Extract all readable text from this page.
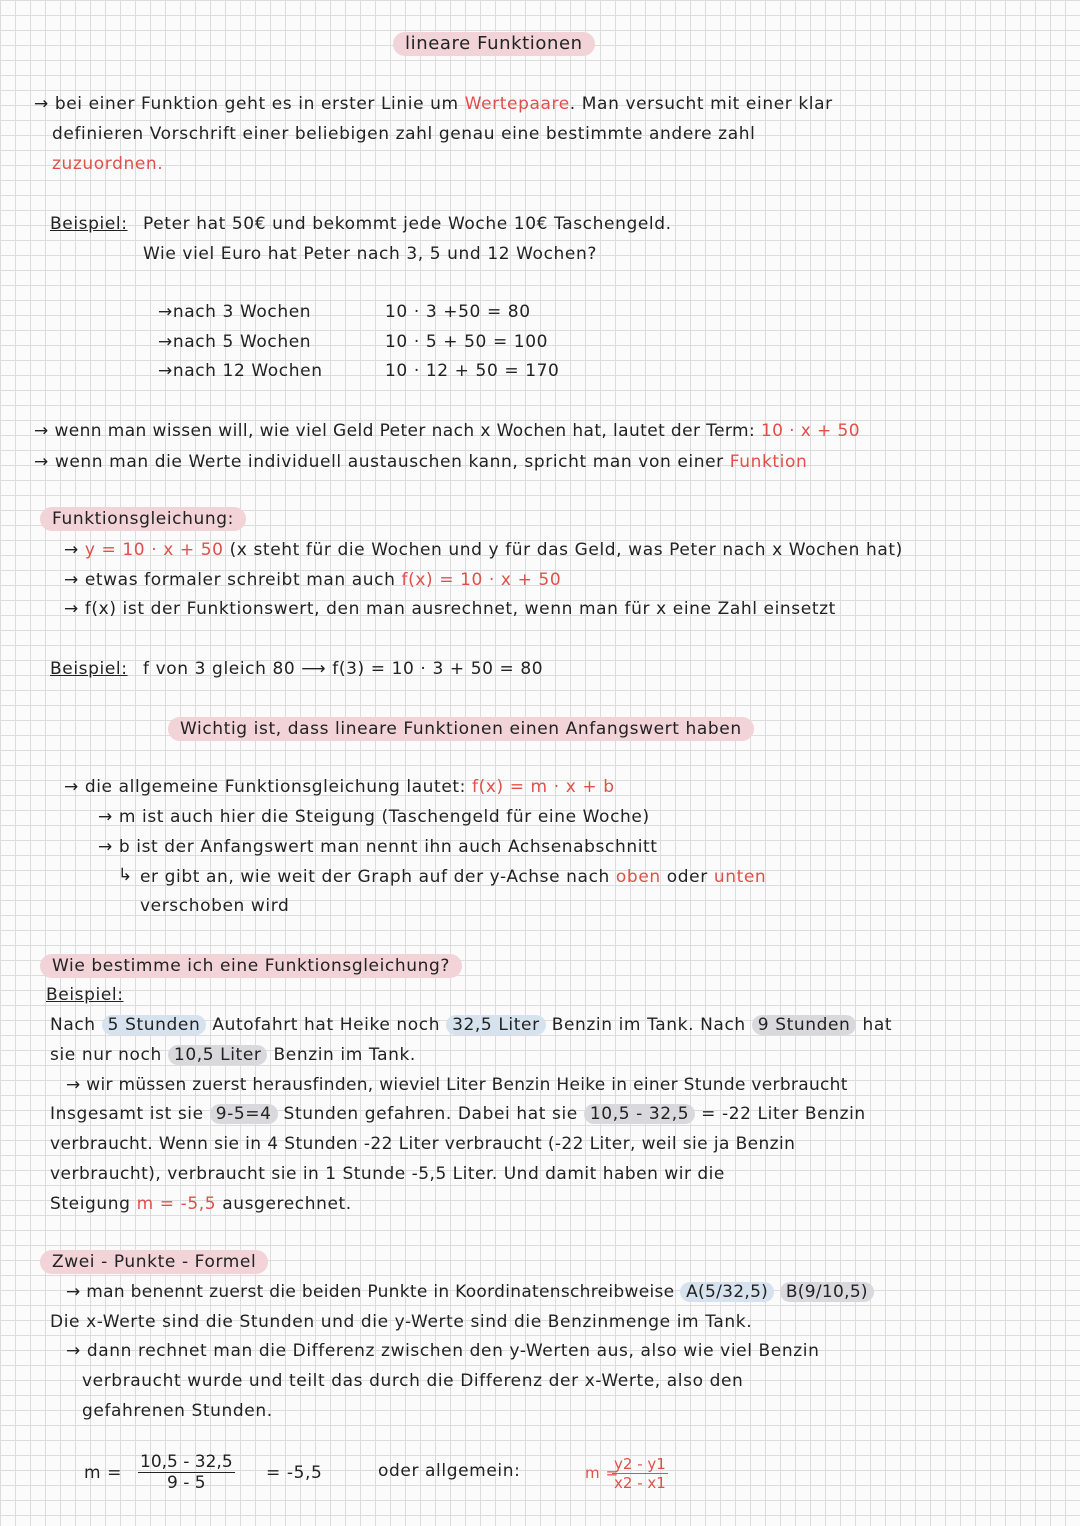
lineare Funktionen
→ bei einer Funktion geht es in erster Linie um Wertepaare. Man versucht mit einer klar
definieren Vorschrift einer beliebigen zahl genau eine bestimmte andere zahl
zuzuordnen.
Beispiel: Peter hat 50€ und bekommt jede Woche 10€ Taschengeld.
Wie viel Euro hat Peter nach 3, 5 und 12 Wochen?
→nach 3 Wochen	10 · 3 +50 = 80
→nach 5 Wochen	10 · 5 + 50 = 100
→nach 12 Wochen	10 · 12 + 50 = 170
→ wenn man wissen will, wie viel Geld Peter nach x Wochen hat, lautet der Term: 10 · x + 50
→ wenn man die Werte individuell austauschen kann, spricht man von einer Funktion
Funktionsgleichung:
→ y = 10 · x + 50 (x steht für die Wochen und y für das Geld, was Peter nach x Wochen hat)
→ etwas formaler schreibt man auch f(x) = 10 · x + 50
→ f(x) ist der Funktionswert, den man ausrechnet, wenn man für x eine Zahl einsetzt
Beispiel: f von 3 gleich 80 ⟶ f(3) = 10 · 3 + 50 = 80
Wichtig ist, dass lineare Funktionen einen Anfangswert haben
→ die allgemeine Funktionsgleichung lautet: f(x) = m · x + b
→ m ist auch hier die Steigung (Taschengeld für eine Woche)
→ b ist der Anfangswert man nennt ihn auch Achsenabschnitt
↳ er gibt an, wie weit der Graph auf der y-Achse nach oben oder unten
verschoben wird
Wie bestimme ich eine Funktionsgleichung?
Beispiel:
Nach 5 Stunden Autofahrt hat Heike noch 32,5 Liter Benzin im Tank. Nach 9 Stunden hat
sie nur noch 10,5 Liter Benzin im Tank.
→ wir müssen zuerst herausfinden, wieviel Liter Benzin Heike in einer Stunde verbraucht
Insgesamt ist sie 9-5=4 Stunden gefahren. Dabei hat sie 10,5 - 32,5 = -22 Liter Benzin
verbraucht. Wenn sie in 4 Stunden -22 Liter verbraucht (-22 Liter, weil sie ja Benzin
verbraucht), verbraucht sie in 1 Stunde -5,5 Liter. Und damit haben wir die
Steigung m = -5,5 ausgerechnet.
Zwei - Punkte - Formel
→ man benennt zuerst die beiden Punkte in Koordinatenschreibweise A(5/32,5) B(9/10,5)
Die x-Werte sind die Stunden und die y-Werte sind die Benzinmenge im Tank.
→ dann rechnet man die Differenz zwischen den y-Werten aus, also wie viel Benzin
verbraucht wurde und teilt das durch die Differenz der x-Werte, also den
gefahrenen Stunden.
$m = \frac{10,5 - 32,5}{9 - 5} = -5,5$	oder allgemein:	m =
$\frac{y2 - y1}{x2 - x1}$
